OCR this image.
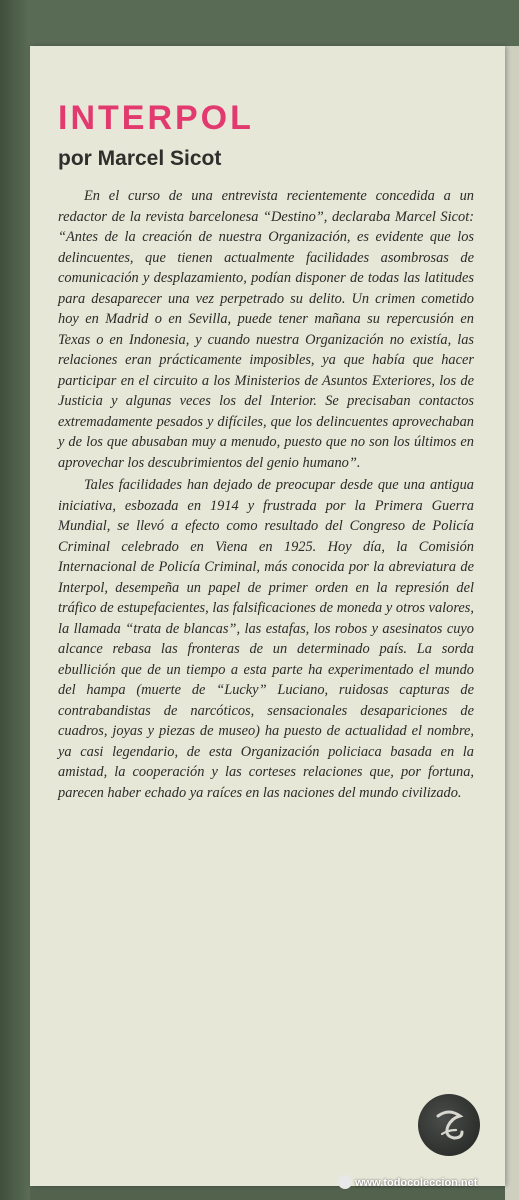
INTERPOL
por Marcel Sicot

En el curso de una entrevista recientemente concedida a un redactor de la revista barcelonesa “Destino”, declaraba Marcel Sicot: “Antes de la creación de nuestra Organización, es evidente que los delincuentes, que tienen actualmente facilidades asombrosas de comunicación y desplazamiento, podían disponer de todas las latitudes para desaparecer una vez perpetrado su delito. Un crimen cometido hoy en Madrid o en Sevilla, puede tener mañana su repercusión en Texas o en Indonesia, y cuando nuestra Organización no existía, las relaciones eran prácticamente imposibles, ya que había que hacer participar en el circuito a los Ministerios de Asuntos Exteriores, los de Justicia y algunas veces los del Interior. Se precisaban contactos extremadamente pesados y difíciles, que los delincuentes aprovechaban y de los que abusaban muy a menudo, puesto que no son los últimos en aprovechar los descubrimientos del genio humano”.

Tales facilidades han dejado de preocupar desde que una antigua iniciativa, esbozada en 1914 y frustrada por la Primera Guerra Mundial, se llevó a efecto como resultado del Congreso de Policía Criminal celebrado en Viena en 1925. Hoy día, la Comisión Internacional de Policía Criminal, más conocida por la abreviatura de Interpol, desempeña un papel de primer orden en la represión del tráfico de estupefacientes, las falsificaciones de moneda y otros valores, la llamada “trata de blancas”, las estafas, los robos y asesinatos cuyo alcance rebasa las fronteras de un determinado país. La sorda ebullición que de un tiempo a esta parte ha experimentado el mundo del hampa (muerte de “Lucky” Luciano, ruidosas capturas de contrabandistas de narcóticos, sensacionales desapariciones de cuadros, joyas y piezas de museo) ha puesto de actualidad el nombre, ya casi legendario, de esta Organización policiaca basada en la amistad, la cooperación y las corteses relaciones que, por fortuna, parecen haber echado ya raíces en las naciones del mundo civilizado.

www.todocoleccion.net
